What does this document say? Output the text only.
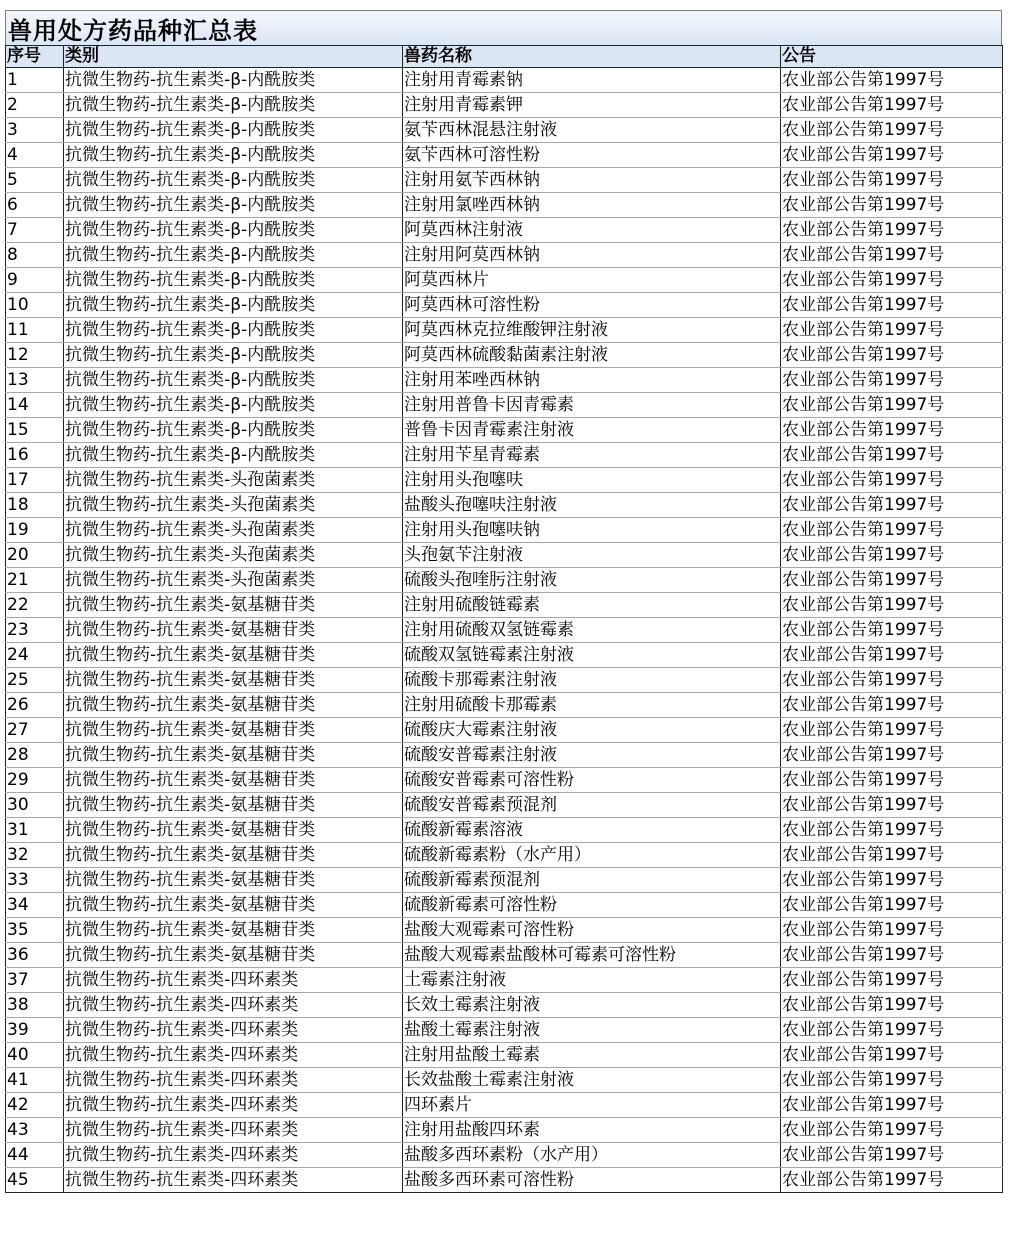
兽用处方药品种汇总表
序号	类别	兽药名称	公告
1	抗微生物药-抗生素类-β-内酰胺类	注射用青霉素钠	农业部公告第1997号
2	抗微生物药-抗生素类-β-内酰胺类	注射用青霉素钾	农业部公告第1997号
3	抗微生物药-抗生素类-β-内酰胺类	氨苄西林混悬注射液	农业部公告第1997号
4	抗微生物药-抗生素类-β-内酰胺类	氨苄西林可溶性粉	农业部公告第1997号
5	抗微生物药-抗生素类-β-内酰胺类	注射用氨苄西林钠	农业部公告第1997号
6	抗微生物药-抗生素类-β-内酰胺类	注射用氯唑西林钠	农业部公告第1997号
7	抗微生物药-抗生素类-β-内酰胺类	阿莫西林注射液	农业部公告第1997号
8	抗微生物药-抗生素类-β-内酰胺类	注射用阿莫西林钠	农业部公告第1997号
9	抗微生物药-抗生素类-β-内酰胺类	阿莫西林片	农业部公告第1997号
10	抗微生物药-抗生素类-β-内酰胺类	阿莫西林可溶性粉	农业部公告第1997号
11	抗微生物药-抗生素类-β-内酰胺类	阿莫西林克拉维酸钾注射液	农业部公告第1997号
12	抗微生物药-抗生素类-β-内酰胺类	阿莫西林硫酸黏菌素注射液	农业部公告第1997号
13	抗微生物药-抗生素类-β-内酰胺类	注射用苯唑西林钠	农业部公告第1997号
14	抗微生物药-抗生素类-β-内酰胺类	注射用普鲁卡因青霉素	农业部公告第1997号
15	抗微生物药-抗生素类-β-内酰胺类	普鲁卡因青霉素注射液	农业部公告第1997号
16	抗微生物药-抗生素类-β-内酰胺类	注射用苄星青霉素	农业部公告第1997号
17	抗微生物药-抗生素类-头孢菌素类	注射用头孢噻呋	农业部公告第1997号
18	抗微生物药-抗生素类-头孢菌素类	盐酸头孢噻呋注射液	农业部公告第1997号
19	抗微生物药-抗生素类-头孢菌素类	注射用头孢噻呋钠	农业部公告第1997号
20	抗微生物药-抗生素类-头孢菌素类	头孢氨苄注射液	农业部公告第1997号
21	抗微生物药-抗生素类-头孢菌素类	硫酸头孢喹肟注射液	农业部公告第1997号
22	抗微生物药-抗生素类-氨基糖苷类	注射用硫酸链霉素	农业部公告第1997号
23	抗微生物药-抗生素类-氨基糖苷类	注射用硫酸双氢链霉素	农业部公告第1997号
24	抗微生物药-抗生素类-氨基糖苷类	硫酸双氢链霉素注射液	农业部公告第1997号
25	抗微生物药-抗生素类-氨基糖苷类	硫酸卡那霉素注射液	农业部公告第1997号
26	抗微生物药-抗生素类-氨基糖苷类	注射用硫酸卡那霉素	农业部公告第1997号
27	抗微生物药-抗生素类-氨基糖苷类	硫酸庆大霉素注射液	农业部公告第1997号
28	抗微生物药-抗生素类-氨基糖苷类	硫酸安普霉素注射液	农业部公告第1997号
29	抗微生物药-抗生素类-氨基糖苷类	硫酸安普霉素可溶性粉	农业部公告第1997号
30	抗微生物药-抗生素类-氨基糖苷类	硫酸安普霉素预混剂	农业部公告第1997号
31	抗微生物药-抗生素类-氨基糖苷类	硫酸新霉素溶液	农业部公告第1997号
32	抗微生物药-抗生素类-氨基糖苷类	硫酸新霉素粉（水产用）	农业部公告第1997号
33	抗微生物药-抗生素类-氨基糖苷类	硫酸新霉素预混剂	农业部公告第1997号
34	抗微生物药-抗生素类-氨基糖苷类	硫酸新霉素可溶性粉	农业部公告第1997号
35	抗微生物药-抗生素类-氨基糖苷类	盐酸大观霉素可溶性粉	农业部公告第1997号
36	抗微生物药-抗生素类-氨基糖苷类	盐酸大观霉素盐酸林可霉素可溶性粉	农业部公告第1997号
37	抗微生物药-抗生素类-四环素类	土霉素注射液	农业部公告第1997号
38	抗微生物药-抗生素类-四环素类	长效土霉素注射液	农业部公告第1997号
39	抗微生物药-抗生素类-四环素类	盐酸土霉素注射液	农业部公告第1997号
40	抗微生物药-抗生素类-四环素类	注射用盐酸土霉素	农业部公告第1997号
41	抗微生物药-抗生素类-四环素类	长效盐酸土霉素注射液	农业部公告第1997号
42	抗微生物药-抗生素类-四环素类	四环素片	农业部公告第1997号
43	抗微生物药-抗生素类-四环素类	注射用盐酸四环素	农业部公告第1997号
44	抗微生物药-抗生素类-四环素类	盐酸多西环素粉（水产用）	农业部公告第1997号
45	抗微生物药-抗生素类-四环素类	盐酸多西环素可溶性粉	农业部公告第1997号
